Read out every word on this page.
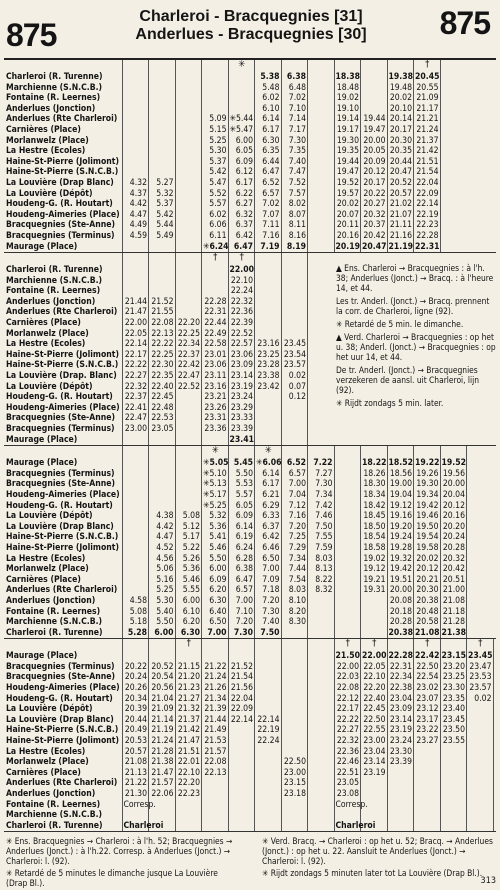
875
Charleroi - Bracquegnies [31]
Anderlues - Bracquegnies [30] 875
					✳							†
Charleroi (R. Turenne)						5.38	6.38		18.38		19.38	20.45
Marchienne (S.N.C.B.)						5.48	6.48		18.48		19.48	20.55
Fontaine (R. Leernes)						6.02	7.02		19.02		20.02	21.09
Anderlues (Jonction)						6.10	7.10		19.10		20.10	21.17
Anderlues (Rte Charleroi)				5.09	✳5.44	6.14	7.14		19.14	19.44	20.14	21.21
Carnières (Place)				5.15	✳5.47	6.17	7.17		19.17	19.47	20.17	21.24
Morlanwelz (Place)				5.25	6.00	6.30	7.30		19.30	20.00	20.30	21.37
La Hestre (Ecoles)				5.30	6.05	6.35	7.35		19.35	20.05	20.35	21.42
Haine-St-Pierre (Jolimont)				5.37	6.09	6.44	7.40		19.44	20.09	20.44	21.51
Haine-St-Pierre (S.N.C.B.)				5.42	6.12	6.47	7.47		19.47	20.12	20.47	21.54
La Louvière (Drap Blanc)	4.32	5.27		5.47	6.17	6.52	7.52		19.52	20.17	20.52	22.04
La Louvière (Dépôt)	4.37	5.32		5.52	6.22	6.57	7.57		19.57	20.22	20.57	22.09
Houdeng-G. (R. Houtart)	4.42	5.37		5.57	6.27	7.02	8.02		20.02	20.27	21.02	22.14
Houdeng-Aimeries (Place)	4.47	5.42		6.02	6.32	7.07	8.07		20.07	20.32	21.07	22.19
Bracquegnies (Ste-Anne)	4.49	5.44		6.06	6.37	7.11	8.11		20.11	20.37	21.11	22.23
Bracquegnies (Terminus)	4.59	5.49		6.11	6.42	7.16	8.16		20.16	20.42	21.16	22.28
Maurage (Place)				✳6.24	6.47	7.19	8.19		20.19	20.47	21.19	22.31
				†	†		
Charleroi (R. Turenne)					22.00		
Marchienne (S.N.C.B.)					22.10		
Fontaine (R. Leernes)					22.24		
Anderlues (Jonction)	21.44	21.52		22.28	22.32		
Anderlues (Rte Charleroi)	21.47	21.55		22.31	22.36		
Carnières (Place)	22.00	22.08	22.20	22.44	22.39		
Morlanwelz (Place)	22.05	22.13	22.25	22.49	22.52		
La Hestre (Ecoles)	22.14	22.22	22.34	22.58	22.57	23.16	23.45
Haine-St-Pierre (Jolimont)	22.17	22.25	22.37	23.01	23.06	23.25	23.54
Haine-St-Pierre (S.N.C.B.)	22.22	22.30	22.42	23.06	23.09	23.28	23.57
La Louvière (Drap. Blanc)	22.27	22.35	22.47	23.11	23.14	23.38	0.02
La Louvière (Dépôt)	22.32	22.40	22.52	23.16	23.19	23.42	0.07
Houdeng-G. (R. Houtart)	22.37	22.45		23.21	23.24		0.12
Houdeng-Aimeries (Place)	22.41	22.48		23.26	23.29		
Bracquegnies (Ste-Anne)	22.47	22.53		23.31	23.33		
Bracquegnies (Terminus)	23.00	23.05		23.36	23.39		
Maurage (Place)					23.41		

▲ Ens. Charleroi → Bracquegnies : à l'h. 38; Anderlues (Jonct.) → Bracq. : à l'heure 14, et 44.

Les tr. Anderl. (Jonct.) → Bracq. prennent la corr. de Charleroi, ligne (92).

✳ Retardé de 5 min. le dimanche.

▲ Verd. Charleroi → Bracquegnies : op het u. 38; Anderl. (Jonct.) → Bracquegnies : op het uur 14, et 44.

De tr. Anderl. (Jonct.) → Bracquegnies verzekeren de aansl. uit Charleroi, lijn (92).

✳ Rijdt zondags 5 min. later.

				✳		✳							
Maurage (Place)				✳5.05	5.45	✳6.06	6.52	7.22		18.22	18.52	19.22	19.52
Bracquegnies (Terminus)				✳5.10	5.50	6.14	6.57	7.27		18.26	18.56	19.26	19.56
Bracquegnies (Ste-Anne)				✳5.13	5.53	6.17	7.00	7.30		18.30	19.00	19.30	20.00
Houdeng-Aimeries (Place)				✳5.17	5.57	6.21	7.04	7.34		18.34	19.04	19.34	20.04
Houdeng-G. (R. Houtart)				✳5.25	6.05	6.29	7.12	7.42		18.42	19.12	19.42	20.12
La Louvière (Dépôt)		4.38	5.08	5.32	6.09	6.33	7.16	7.46		18.45	19.16	19.46	20.16
La Louvière (Drap Blanc)		4.42	5.12	5.36	6.14	6.37	7.20	7.50		18.50	19.20	19.50	20.20
Haine-St-Pierre (S.N.C.B.)		4.47	5.17	5.41	6.19	6.42	7.25	7.55		18.54	19.24	19.54	20.24
Haine-St-Pierre (Jolimont)		4.52	5.22	5.46	6.24	6.46	7.29	7.59		18.58	19.28	19.58	20.28
La Hestre (Ecoles)		4.56	5.26	5.50	6.28	6.50	7.34	8.03		19.02	19.32	20.02	20.32
Morlanwelz (Place)		5.06	5.36	6.00	6.38	7.00	7.44	8.13		19.12	19.42	20.12	20.42
Carnières (Place)		5.16	5.46	6.09	6.47	7.09	7.54	8.22		19.21	19.51	20.21	20.51
Anderlues (Rte Charleroi)		5.25	5.55	6.20	6.57	7.18	8.03	8.32		19.31	20.00	20.30	21.00
Anderlues (Jonction)	4.58	5.30	6.00	6.30	7.00	7.20	8.10				20.08	20.38	21.08
Fontaine (R. Leernes)	5.08	5.40	6.10	6.40	7.10	7.30	8.20				20.18	20.48	21.18
Marchienne (S.N.C.B.)	5.18	5.50	6.20	6.50	7.20	7.40	8.30				20.28	20.58	21.28
Charleroi (R. Turenne)	5.28	6.00	6.30	7.00	7.30	7.50					20.38	21.08	21.38
			†						†	†		†		†
Maurage (Place)									21.50	22.00	22.28	22.42	23.15	23.45
Bracquegnies (Terminus)	20.22	20.52	21.15	21.22	21.52				22.00	22.05	22.31	22.50	23.20	23.47
Bracquegnies (Ste-Anne)	20.24	20.54	21.20	21.24	21.54				22.03	22.10	22.34	22.54	23.25	23.53
Houdeng-Aimeries (Place)	20.26	20.56	21.23	21.26	21.56				22.08	22.20	22.38	23.02	23.30	23.57
Houdeng-G. (R. Houtart)	20.34	21.04	21.27	21.34	22.04				22.12	22.40	23.04	23.07	23.35	0.02
La Louvière (Dépôt)	20.39	21.09	21.32	21.39	22.09				22.17	22.45	23.09	23.12	23.40	
La Louvière (Drap Blanc)	20.44	21.14	21.37	21.44	22.14	22.14			22.22	22.50	23.14	23.17	23.45	
Haine-St-Pierre (S.N.C.B.)	20.49	21.19	21.42	21.49		22.19			22.27	22.55	23.19	23.22	23.50	
Haine-St-Pierre (Jolimont)	20.53	21.24	21.47	21.53		22.24			22.32	23.00	23.24	23.27	23.55	
La Hestre (Ecoles)	20.57	21.28	21.51	21.57					22.36	23.04	23.30			
Morlanwelz (Place)	21.08	21.38	22.01	22.08			22.50		22.46	23.14	23.39			
Carnières (Place)	21.13	21.47	22.10	22.13			23.00		22.51	23.19				
Anderlues (Rte Charleroi)	21.22	21.57	22.20				23.15		23.05					
Anderlues (Jonction)	21.30	22.06	22.23				23.18		23.08					
Fontaine (R. Leernes)	Corresp.								Corresp.					
Marchienne (S.N.C.B.)														
Charleroi (R. Turenne)	Charleroi								Charleroi					

✳ Ens. Bracquegnies → Charleroi : à l'h. 52; Bracquegnies → Anderlues (Jonct.) : à l'h.22. Corresp. à Anderlues (Jonct.) → Charleroi: l. (92).

✳ Retardé de 5 minutes le dimanche jusque La Louvière (Drap Bl.).

✳ Verd. Bracq. → Charleroi : op het u. 52; Bracq. → Anderlues (Jonct.) : op het u. 22. Aansluit te Anderlues (Jonct.) → Charleroi: l. (92).

✳ Rijdt zondags 5 minuten later tot La Louvière (Drap Bl.).

313
